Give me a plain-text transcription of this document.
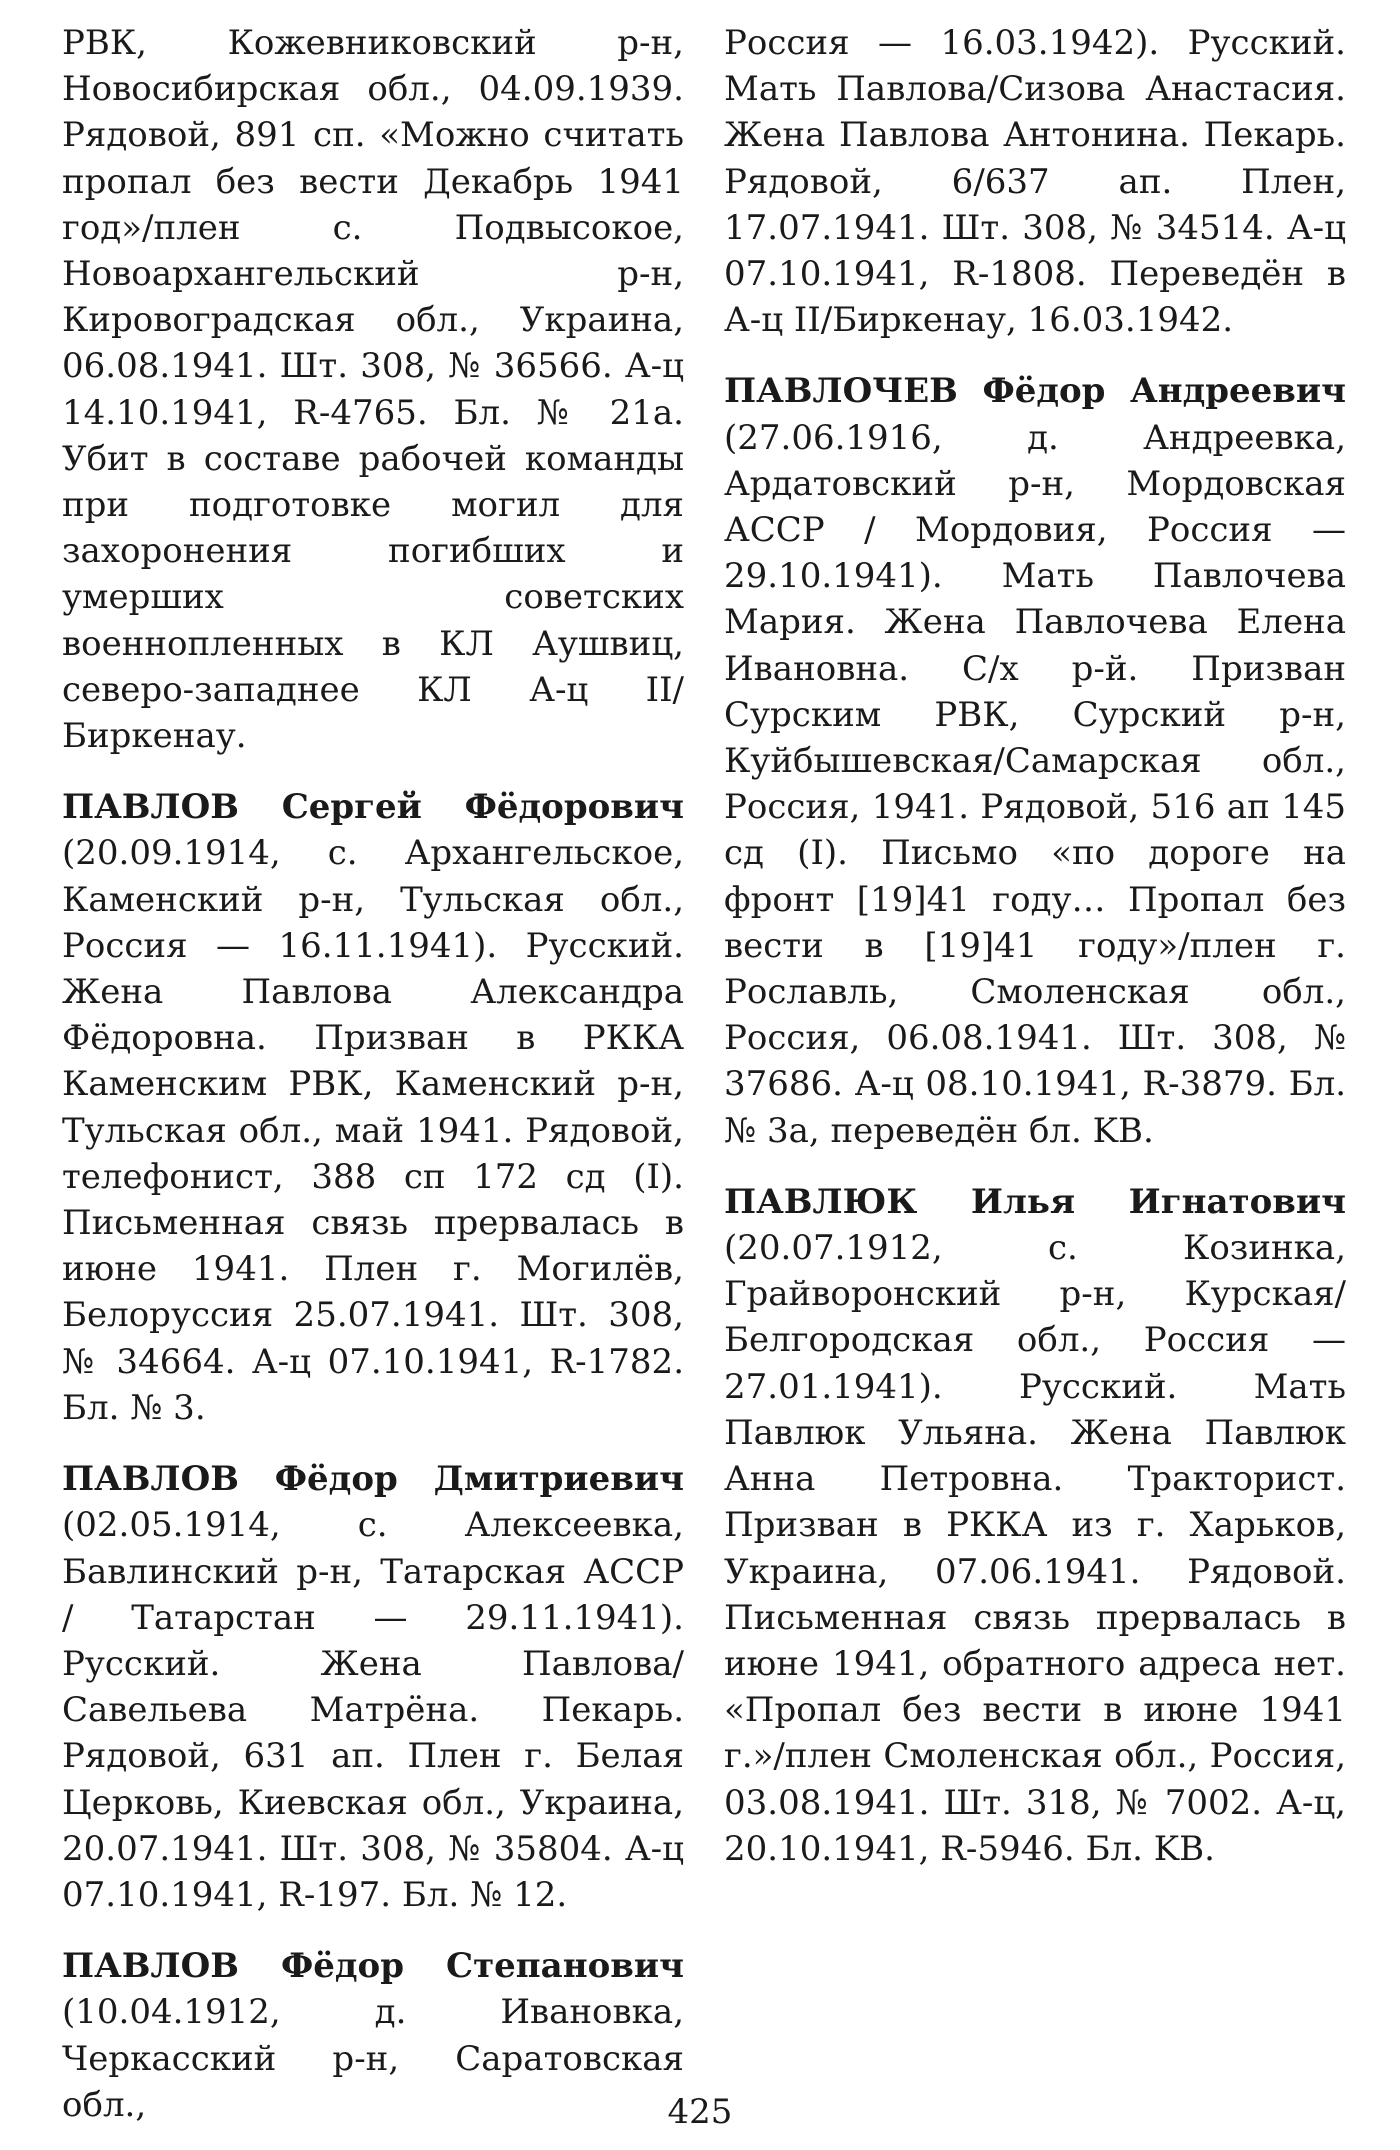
РВК, Кожевниковский р-н, Новосибирская обл., 04.09.1939. Рядовой, 891 сп. «Можно считать пропал без вести Декабрь 1941 год»/плен с. Подвысокое, Новоархангельский р-н, Кировоградская обл., Украина, 06.08.1941. Шт. 308, № 36566. А-ц 14.10.1941, R-4765. Бл. № 21а. Убит в составе рабочей команды при подготовке могил для захоронения погибших и умерших советских военнопленных в КЛ Аушвиц, северо-западнее КЛ А-ц II/Биркенау.

ПАВЛОВ Сергей Фёдорович (20.09.1914, с. Архангельское, Каменский р-н, Тульская обл., Россия — 16.11.1941). Русский. Жена Павлова Александра Фёдоровна. Призван в РККА Каменским РВК, Каменский р-н, Тульская обл., май 1941. Рядовой, телефонист, 388 сп 172 сд (I). Письменная связь прервалась в июне 1941. Плен г. Могилёв, Белоруссия 25.07.1941. Шт. 308, № 34664. А-ц 07.10.1941, R-1782. Бл. № 3.

ПАВЛОВ Фёдор Дмитриевич (02.05.1914, с. Алексеевка, Бавлинский р-н, Татарская АССР / Татарстан — 29.11.1941). Русский. Жена Павлова/Савельева Матрёна. Пекарь. Рядовой, 631 ап. Плен г. Белая Церковь, Киевская обл., Украина, 20.07.1941. Шт. 308, № 35804. А-ц 07.10.1941, R-197. Бл. № 12.

ПАВЛОВ Фёдор Степанович (10.04.1912, д. Ивановка, Черкасский р-н, Саратовская обл.,

Россия — 16.03.1942). Русский. Мать Павлова/Сизова Анастасия. Жена Павлова Антонина. Пекарь. Рядовой, 6/637 ап. Плен, 17.07.1941. Шт. 308, № 34514. А-ц 07.10.1941, R-1808. Переведён в А-ц II/Биркенау, 16.03.1942.

ПАВЛОЧЕВ Фёдор Андреевич (27.06.1916, д. Андреевка, Ардатовский р-н, Мордовская АССР / Мордовия, Россия — 29.10.1941). Мать Павлочева Мария. Жена Павлочева Елена Ивановна. С/х р-й. Призван Сурским РВК, Сурский р-н, Куйбышевская/Самарская обл., Россия, 1941. Рядовой, 516 ап 145 сд (I). Письмо «по дороге на фронт [19]41 году… Пропал без вести в [19]41 году»/плен г. Рославль, Смоленская обл., Россия, 06.08.1941. Шт. 308, № 37686. А-ц 08.10.1941, R-3879. Бл. № 3а, переведён бл. KB.

ПАВЛЮК Илья Игнатович (20.07.1912, с. Козинка, Грайворонский р-н, Курская/Белгородская обл., Россия — 27.01.1941). Русский. Мать Павлюк Ульяна. Жена Павлюк Анна Петровна. Тракторист. Призван в РККА из г. Харьков, Украина, 07.06.1941. Рядовой. Письменная связь прервалась в июне 1941, обратного адреса нет. «Пропал без вести в июне 1941 г.»/плен Смоленская обл., Россия, 03.08.1941. Шт. 318, № 7002. А-ц, 20.10.1941, R-5946. Бл. KB.

425
